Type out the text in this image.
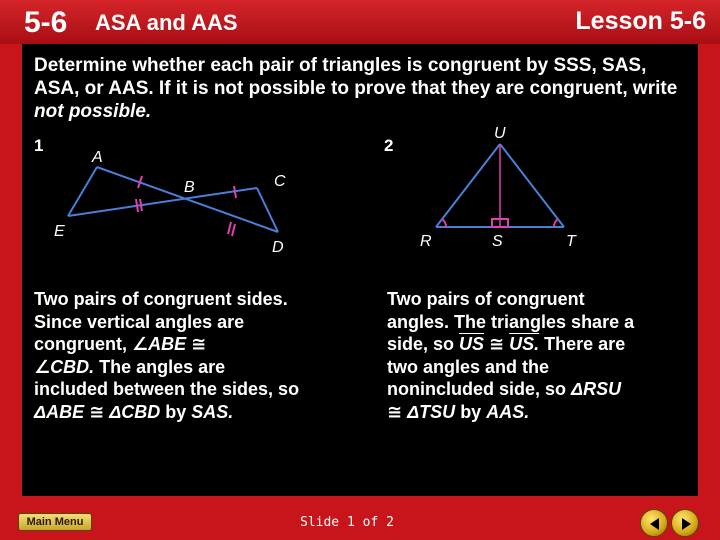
5-6 ASA and AAS	Lesson 5-6
Determine whether each pair of triangles is congruent by SSS, SAS, ASA, or AAS. If it is not possible to prove that they are congruent, write not possible.
1
A
B	C
D
E
2
U
R	S	T
Two pairs of congruent sides. Since vertical angles are congruent, ∠ABE ≅
∠CBD. The angles are included between the sides, so ΔABE ≅ ΔCBD by SAS.
Two pairs of congruent angles. The triangles share a side, so $\overline{US}$ ≅ US. There are two angles and the nonincluded side, so ΔRSU ≅ ΔTSU by AAS.
Main Menu	Slide 1 of 2
